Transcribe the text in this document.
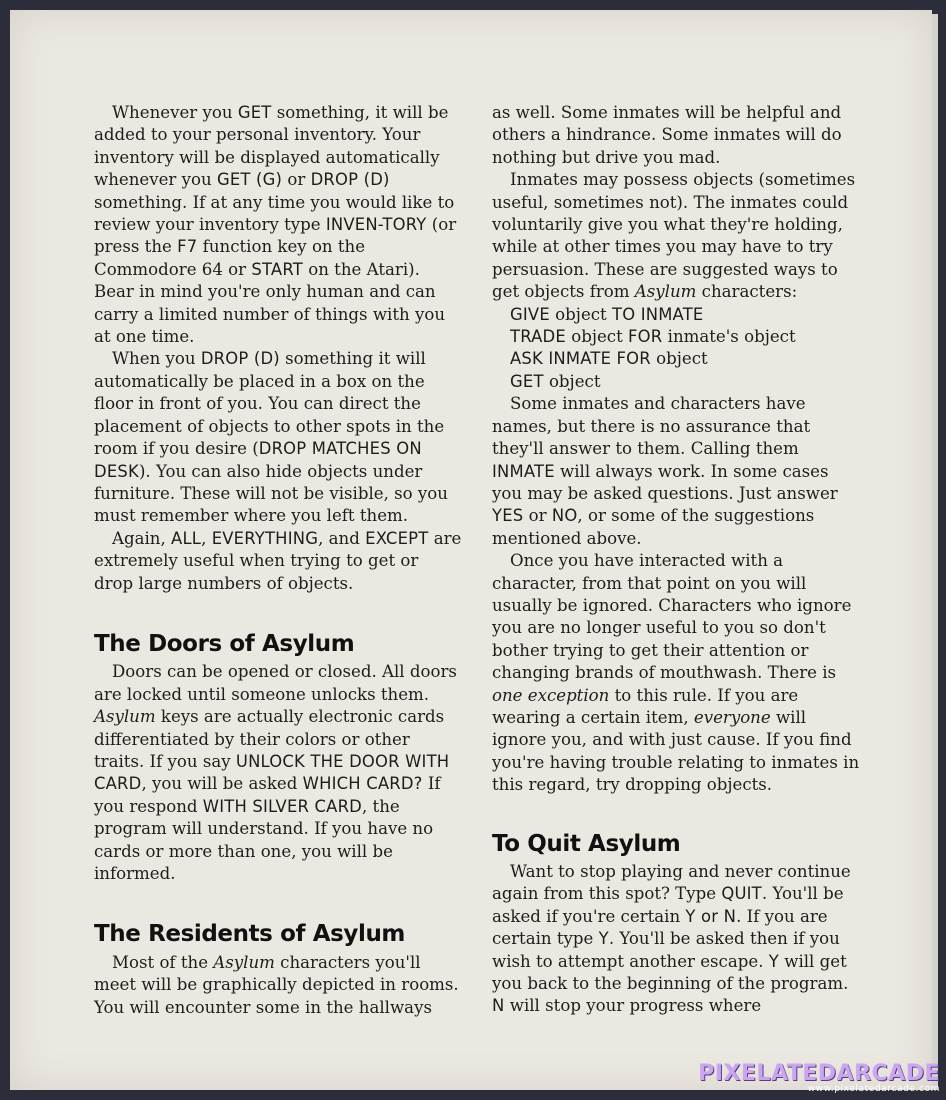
Whenever you GET something, it will be added to your personal inventory. Your inventory will be displayed automatically whenever you GET (G) or DROP (D) something. If at any time you would like to review your inventory type INVEN-TORY (or press the F7 function key on the Commodore 64 or START on the Atari). Bear in mind you're only human and can carry a limited number of things with you at one time.

When you DROP (D) something it will automatically be placed in a box on the floor in front of you. You can direct the placement of objects to other spots in the room if you desire (DROP MATCHES ON DESK). You can also hide objects under furniture. These will not be visible, so you must remember where you left them.

Again, ALL, EVERYTHING, and EXCEPT are extremely useful when trying to get or drop large numbers of objects.

The Doors of Asylum

Doors can be opened or closed. All doors are locked until someone unlocks them. Asylum keys are actually electronic cards differentiated by their colors or other traits. If you say UNLOCK THE DOOR WITH CARD, you will be asked WHICH CARD? If you respond WITH SILVER CARD, the program will understand. If you have no cards or more than one, you will be informed.

The Residents of Asylum

Most of the Asylum characters you'll meet will be graphically depicted in rooms. You will encounter some in the hallways

as well. Some inmates will be helpful and others a hindrance. Some inmates will do nothing but drive you mad.

Inmates may possess objects (sometimes useful, sometimes not). The inmates could voluntarily give you what they're holding, while at other times you may have to try persuasion. These are suggested ways to get objects from Asylum characters:

GIVE object TO INMATE

TRADE object FOR inmate's object

ASK INMATE FOR object

GET object

Some inmates and characters have names, but there is no assurance that they'll answer to them. Calling them INMATE will always work. In some cases you may be asked questions. Just answer YES or NO, or some of the suggestions mentioned above.

Once you have interacted with a character, from that point on you will usually be ignored. Characters who ignore you are no longer useful to you so don't bother trying to get their attention or changing brands of mouthwash. There is one exception to this rule. If you are wearing a certain item, everyone will ignore you, and with just cause. If you find you're having trouble relating to inmates in this regard, try dropping objects.

To Quit Asylum

Want to stop playing and never continue again from this spot? Type QUIT. You'll be asked if you're certain Y or N. If you are certain type Y. You'll be asked then if you wish to attempt another escape. Y will get you back to the beginning of the program. N will stop your progress where

PIXELATEDARCADE
www.pixelatedarcade.com
